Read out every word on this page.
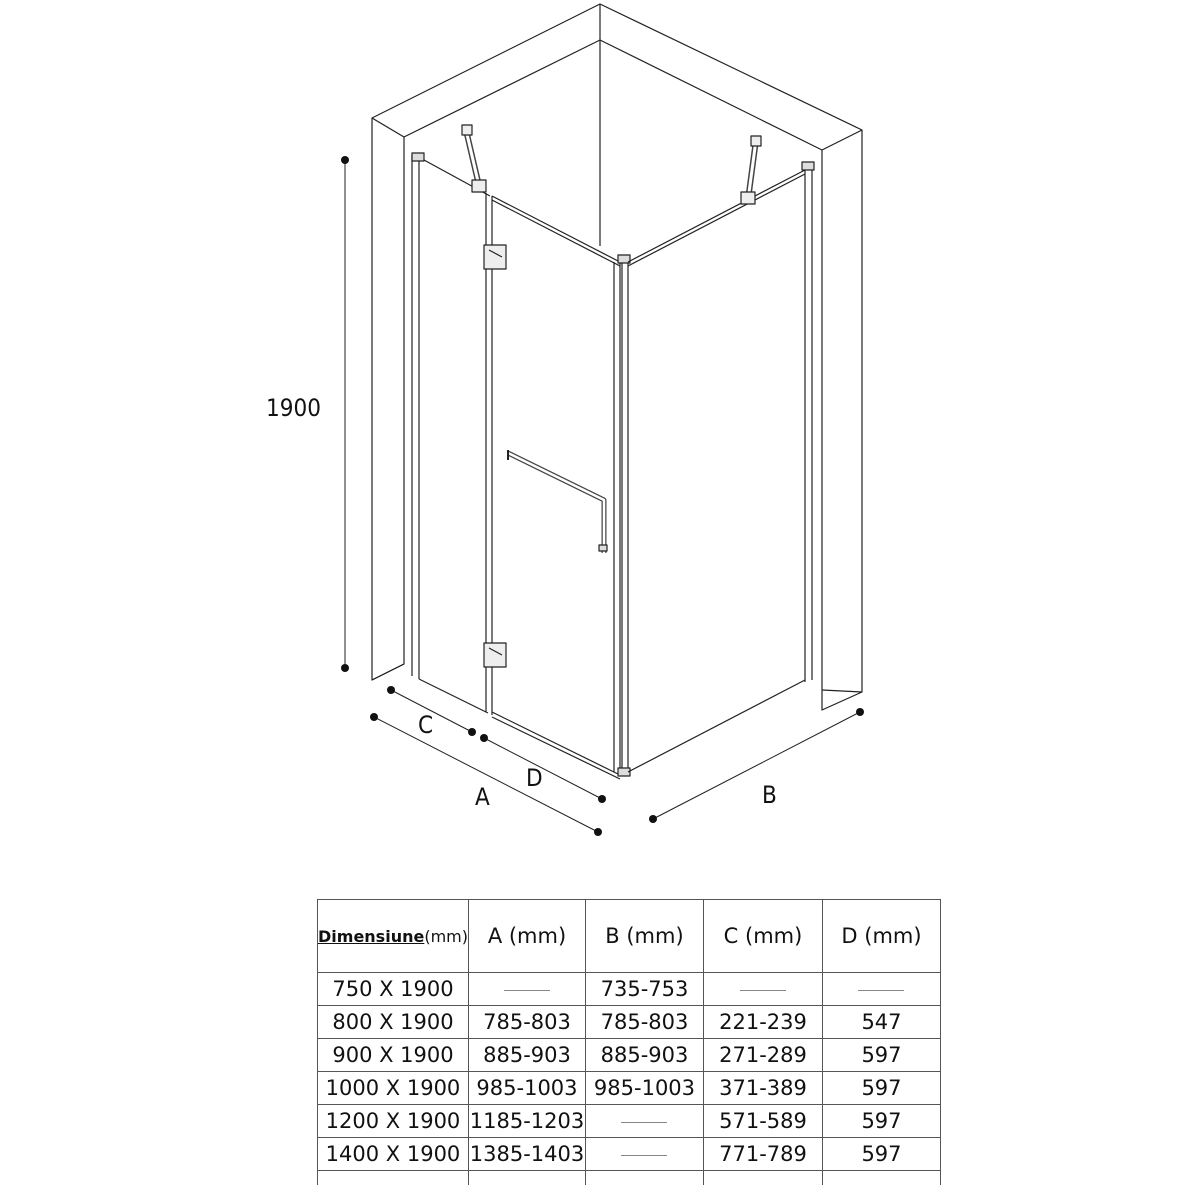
1900
C
D
A	B
Dimensiune(mm)	A (mm)	B (mm)	C (mm)	D (mm)
750 X 1900		735-753		
800 X 1900	785-803	785-803	221-239	547
900 X 1900	885-903	885-903	271-289	597
1000 X 1900	985-1003	985-1003	371-389	597
1200 X 1900	1185-1203		571-589	597
1400 X 1900	1385-1403		771-789	597
